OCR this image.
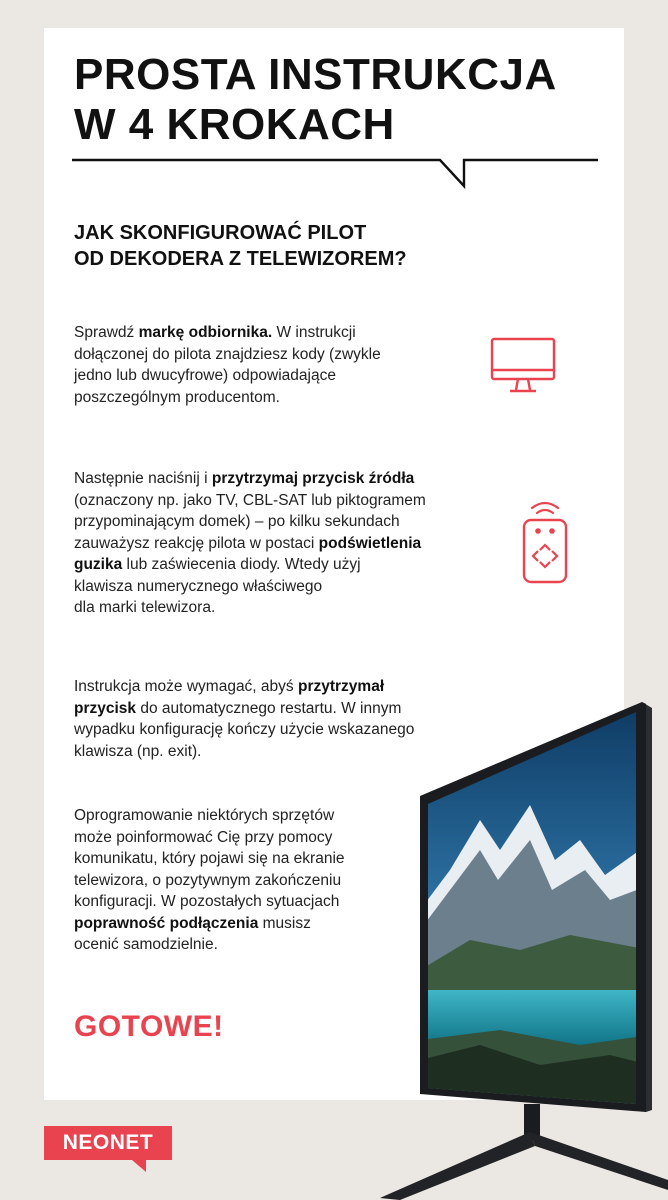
PROSTA INSTRUKCJA
W 4 KROKACH
JAK SKONFIGUROWAĆ PILOT
OD DEKODERA Z TELEWIZOREM?
Sprawdź markę odbiornika. W instrukcji
dołączonej do pilota znajdziesz kody (zwykle
jedno lub dwucyfrowe) odpowiadające
poszczególnym producentom.
Następnie naciśnij i przytrzymaj przycisk źródła
(oznaczony np. jako TV, CBL-SAT lub piktogramem
przypominającym domek) – po kilku sekundach
zauważysz reakcję pilota w postaci podświetlenia
guzika lub zaświecenia diody. Wtedy użyj
klawisza numerycznego właściwego
dla marki telewizora.
Instrukcja może wymagać, abyś przytrzymał
przycisk do automatycznego restartu. W innym
wypadku konfigurację kończy użycie wskazanego
klawisza (np. exit).
Oprogramowanie niektórych sprzętów
może poinformować Cię przy pomocy
komunikatu, który pojawi się na ekranie
telewizora, o pozytywnym zakończeniu
konfiguracji. W pozostałych sytuacjach
poprawność podłączenia musisz
ocenić samodzielnie.
GOTOWE!
NEONET
